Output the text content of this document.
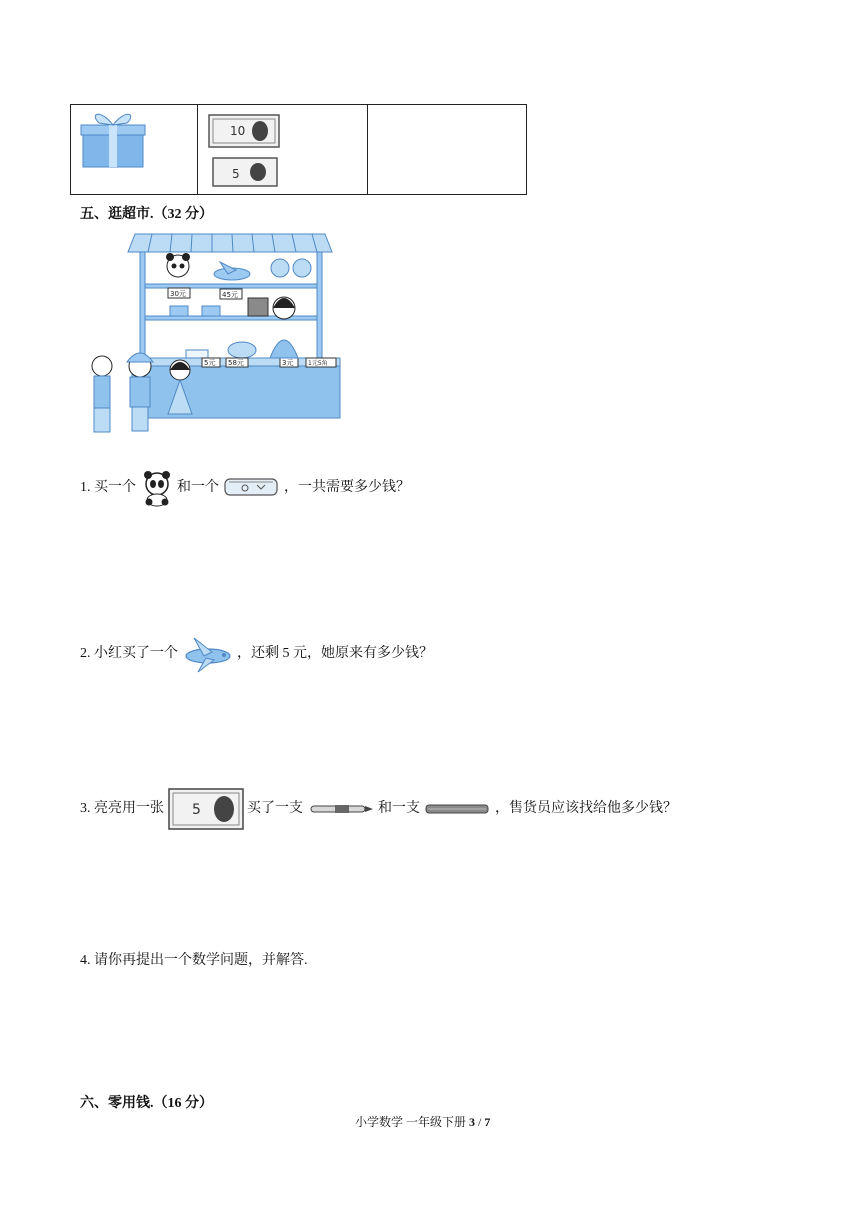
10
5
五、逛超市.（32 分）
30元	45元
5元 58元	3元 1元5角
1. 买一个	和一个	，一共需要多少钱？
2. 小红买了一个	，还剩 5 元，她原来有多少钱？
3. 亮亮用一张 5	买了一支	和一支	，售货员应该找给他多少钱？
4. 请你再提出一个数学问题，并解答.
六、零用钱.（16 分）
小学数学 一年级下册 3 / 7
